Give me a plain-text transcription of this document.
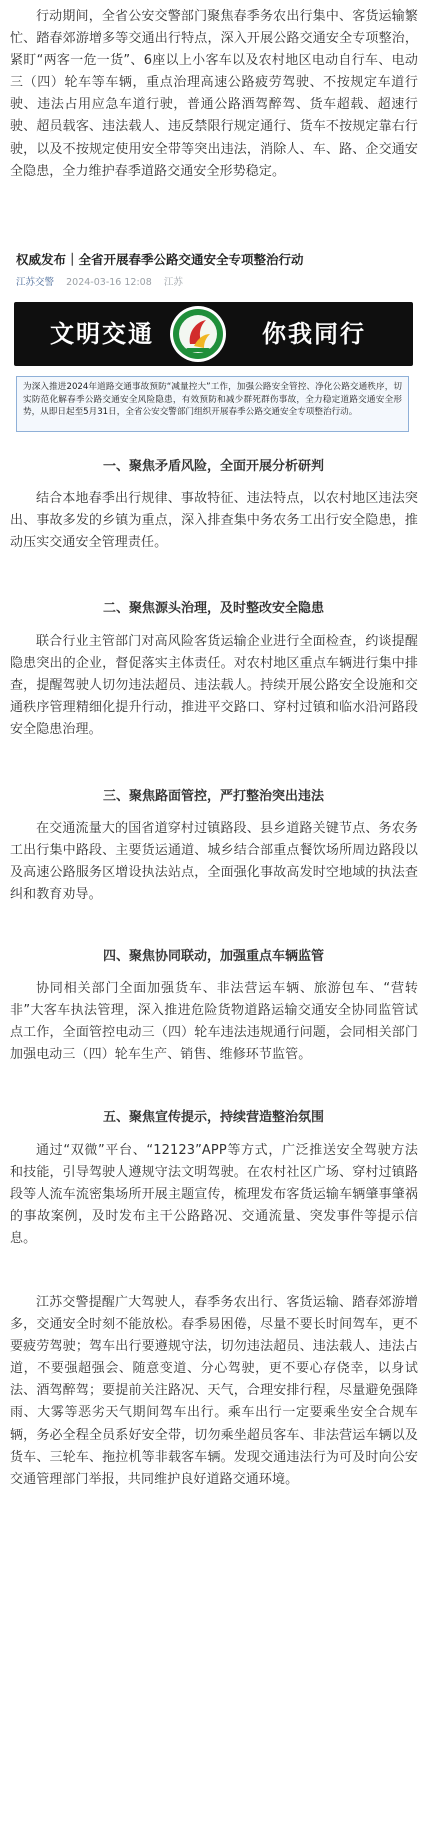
行动期间，全省公安交警部门聚焦春季务农出行集中、客货运输繁忙、踏春郊游增多等交通出行特点，深入开展公路交通安全专项整治，紧盯“两客一危一货”、6座以上小客车以及农村地区电动自行车、电动三（四）轮车等车辆，重点治理高速公路疲劳驾驶、不按规定车道行驶、违法占用应急车道行驶，普通公路酒驾醉驾、货车超载、超速行驶、超员载客、违法载人、违反禁限行规定通行、货车不按规定靠右行驶，以及不按规定使用安全带等突出违法，消除人、车、路、企交通安全隐患，全力维护春季道路交通安全形势稳定。

权威发布｜全省开展春季公路交通安全专项整治行动
江苏交警 2024-03-16 12:08 江苏
文明交通	你我同行
为深入推进2024年道路交通事故预防“减量控大”工作，加强公路安全管控、净化公路交通秩序，切实防范化解春季公路交通安全风险隐患，有效预防和减少群死群伤事故，全力稳定道路交通安全形势，从即日起至5月31日，全省公安交警部门组织开展春季公路交通安全专项整治行动。
一、聚焦矛盾风险，全面开展分析研判

结合本地春季出行规律、事故特征、违法特点，以农村地区违法突出、事故多发的乡镇为重点，深入排查集中务农务工出行安全隐患，推动压实交通安全管理责任。

二、聚焦源头治理，及时整改安全隐患

联合行业主管部门对高风险客货运输企业进行全面检查，约谈提醒隐患突出的企业，督促落实主体责任。对农村地区重点车辆进行集中排查，提醒驾驶人切勿违法超员、违法载人。持续开展公路安全设施和交通秩序管理精细化提升行动，推进平交路口、穿村过镇和临水沿河路段安全隐患治理。

三、聚焦路面管控，严打整治突出违法

在交通流量大的国省道穿村过镇路段、县乡道路关键节点、务农务工出行集中路段、主要货运通道、城乡结合部重点餐饮场所周边路段以及高速公路服务区增设执法站点，全面强化事故高发时空地域的执法查纠和教育劝导。

四、聚焦协同联动，加强重点车辆监管

协同相关部门全面加强货车、非法营运车辆、旅游包车、“营转非”大客车执法管理，深入推进危险货物道路运输交通安全协同监管试点工作，全面管控电动三（四）轮车违法违规通行问题，会同相关部门加强电动三（四）轮车生产、销售、维修环节监管。

五、聚焦宣传提示，持续营造整治氛围

通过“双微”平台、“12123”APP等方式，广泛推送安全驾驶方法和技能，引导驾驶人遵规守法文明驾驶。在农村社区广场、穿村过镇路段等人流车流密集场所开展主题宣传，梳理发布客货运输车辆肇事肇祸的事故案例，及时发布主干公路路况、交通流量、突发事件等提示信息。

江苏交警提醒广大驾驶人，春季务农出行、客货运输、踏春郊游增多，交通安全时刻不能放松。春季易困倦，尽量不要长时间驾车，更不要疲劳驾驶；驾车出行要遵规守法，切勿违法超员、违法载人、违法占道，不要强超强会、随意变道、分心驾驶，更不要心存侥幸，以身试法、酒驾醉驾；要提前关注路况、天气，合理安排行程，尽量避免强降雨、大雾等恶劣天气期间驾车出行。乘车出行一定要乘坐安全合规车辆，务必全程全员系好安全带，切勿乘坐超员客车、非法营运车辆以及货车、三轮车、拖拉机等非载客车辆。发现交通违法行为可及时向公安交通管理部门举报，共同维护良好道路交通环境。
